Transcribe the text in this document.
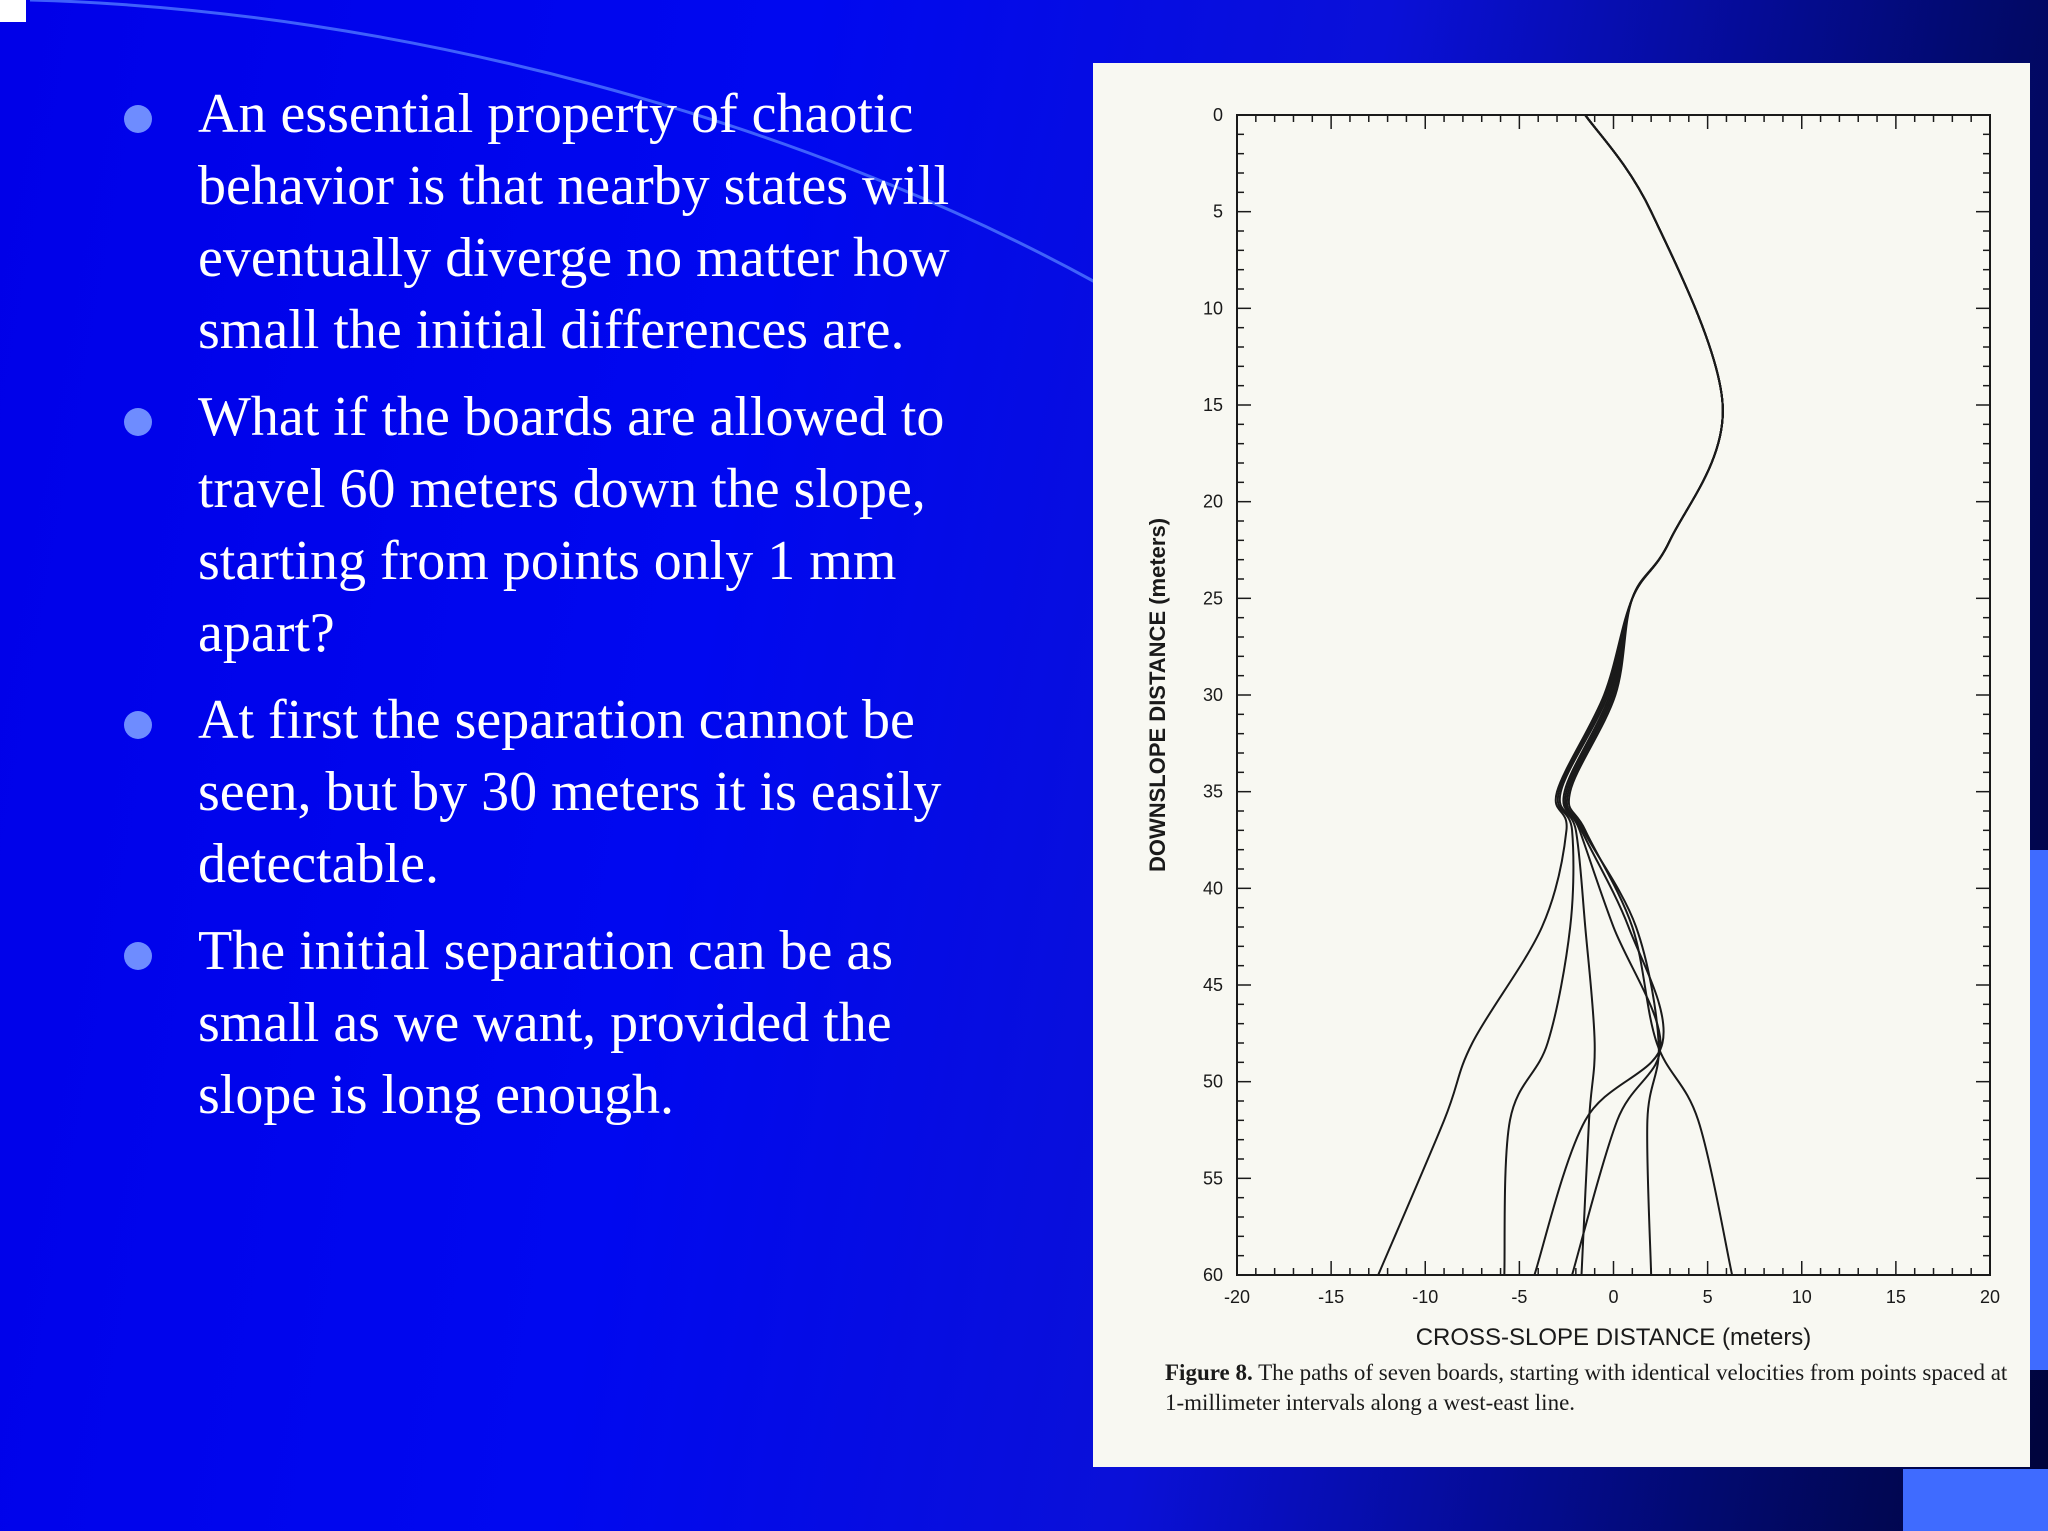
An essential property of chaotic behavior is that nearby states will eventually diverge no matter how small the initial differences are.
What if the boards are allowed to travel 60 meters down the slope, starting from points only 1 mm apart?
At first the separation cannot be seen, but by 30 meters it is easily detectable.
The initial separation can be as small as we want, provided the slope is long enough.
-20	-15	-10	-5	0	5	10	15	20
0
5
10
15
20
25
30
35
40
45
50
55
60
CROSS-SLOPE DISTANCE (meters)
DOWNSLOPE DISTANCE (meters)
Figure 8. The paths of seven boards, starting with identical velocities from points spaced at 1-millimeter intervals along a west-east line.
